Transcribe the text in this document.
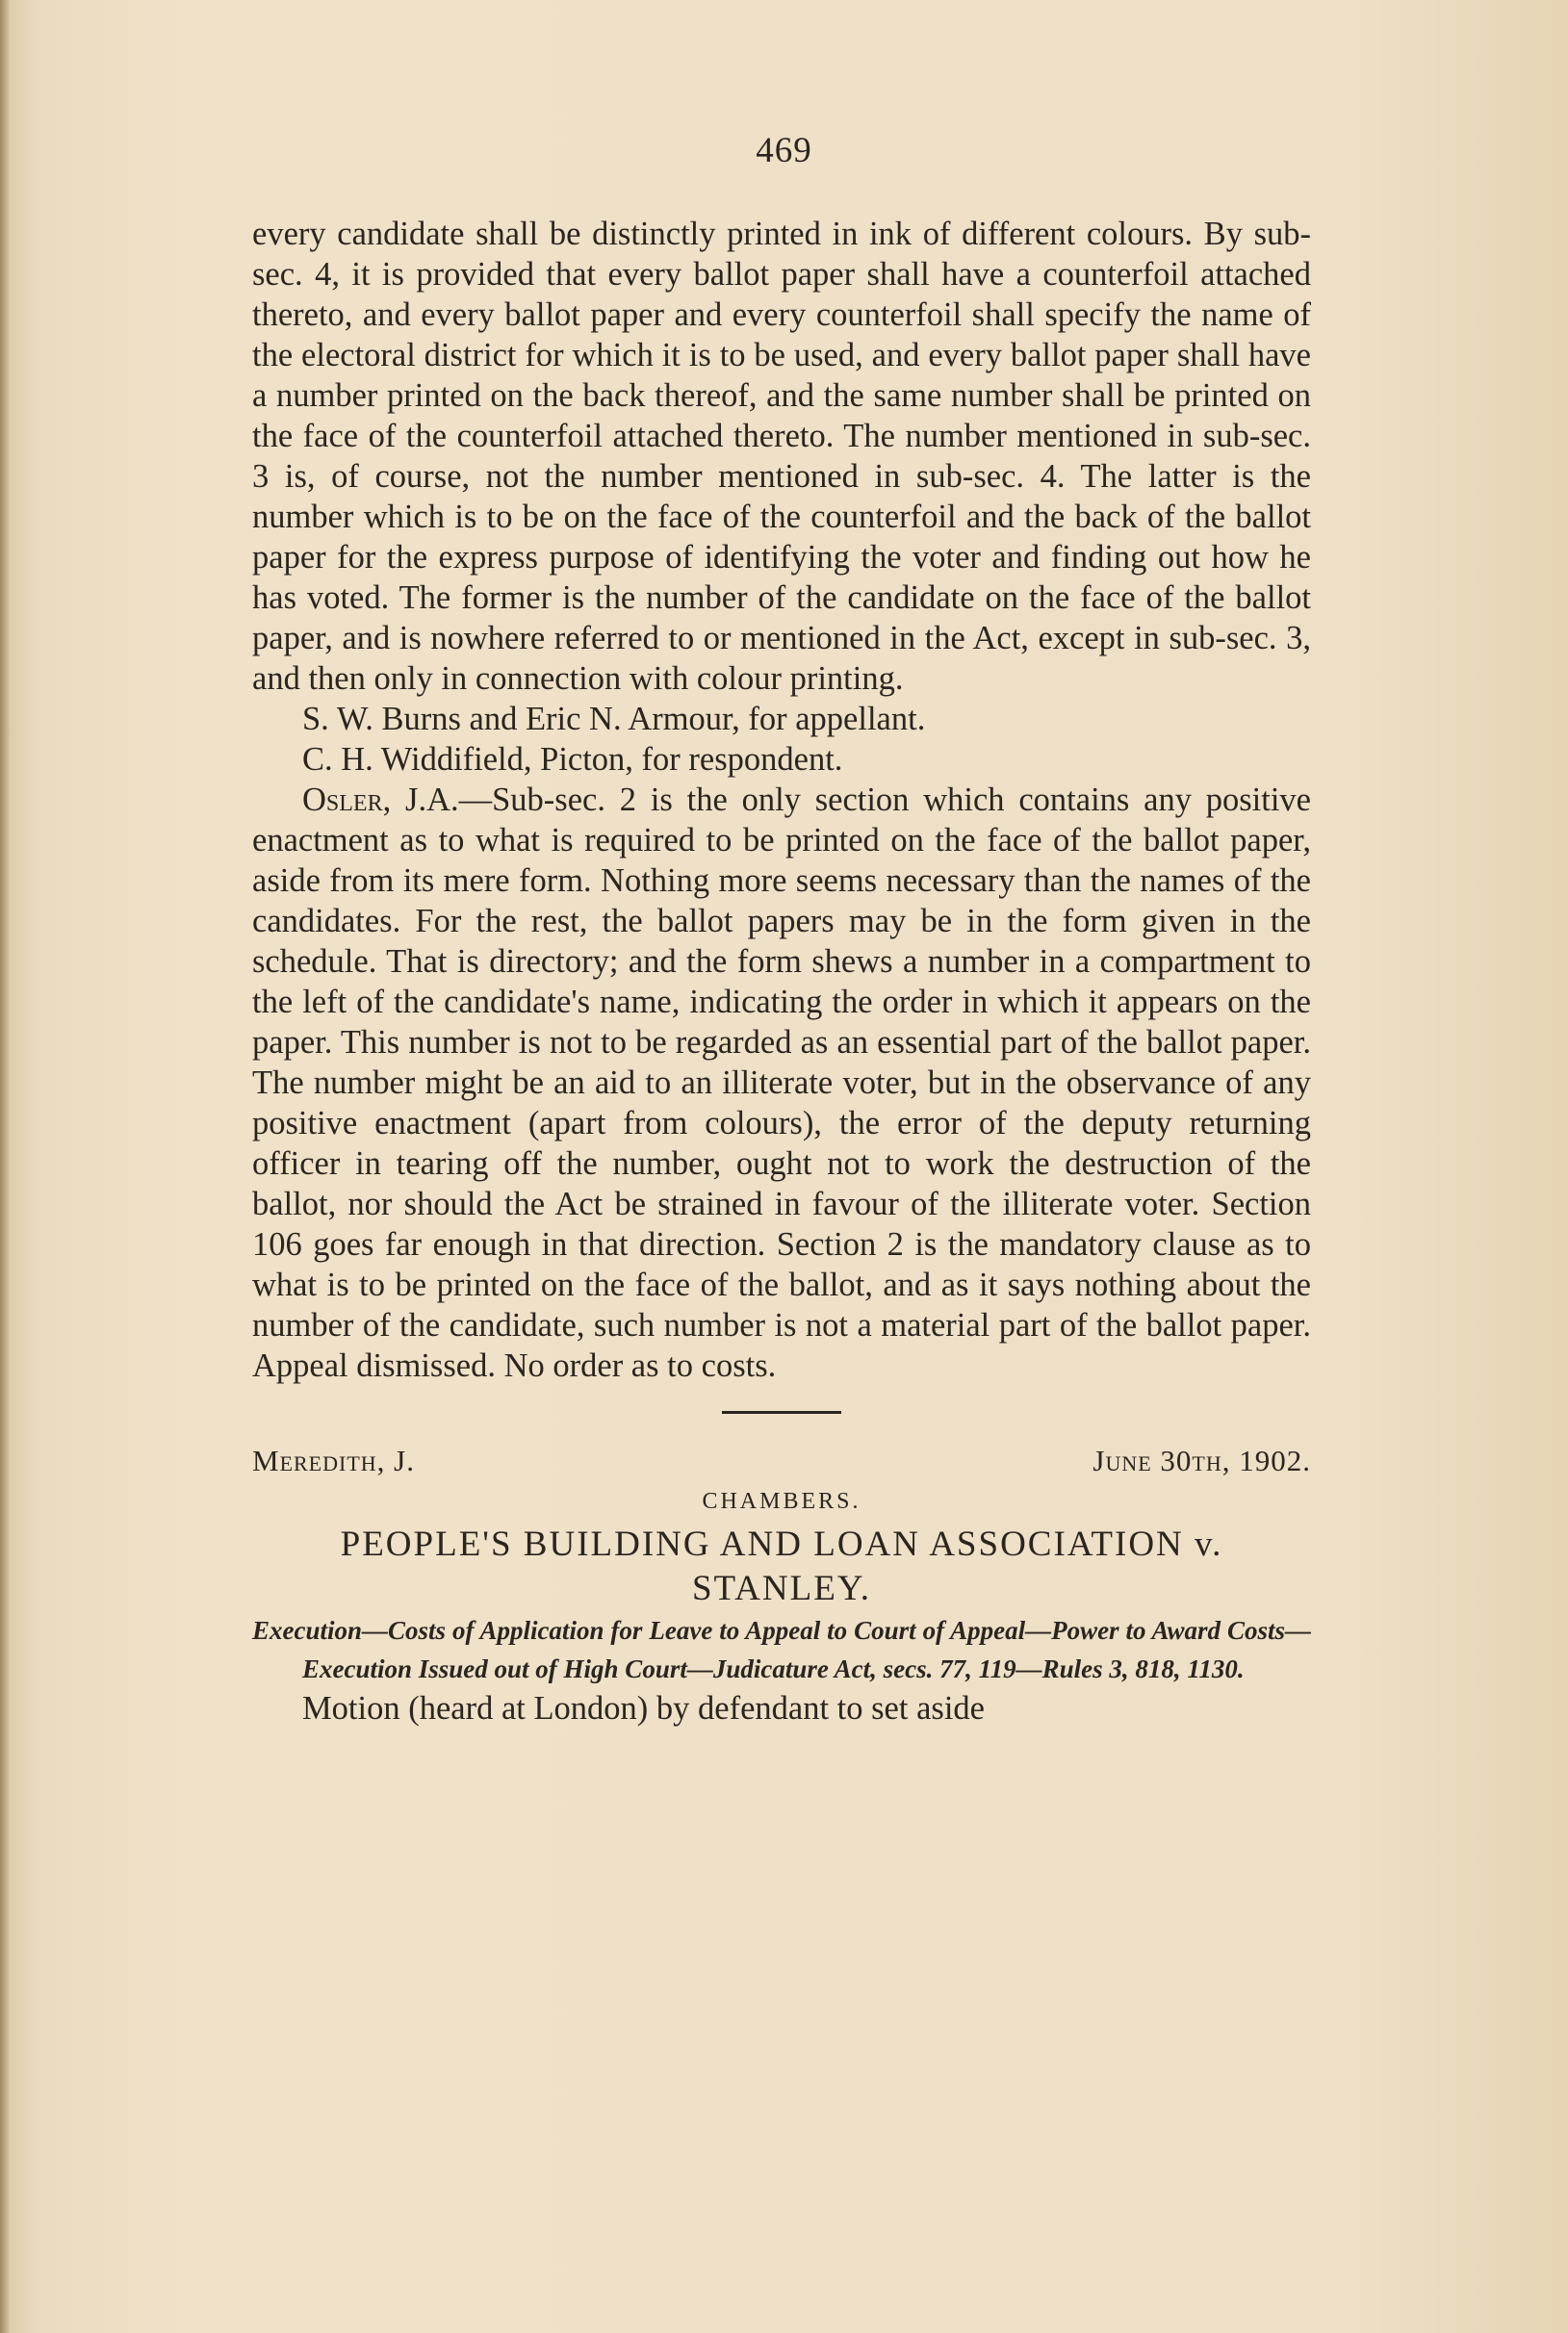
469

every candidate shall be distinctly printed in ink of different colours. By sub-sec. 4, it is provided that every ballot paper shall have a counterfoil attached thereto, and every ballot paper and every counterfoil shall specify the name of the electoral district for which it is to be used, and every ballot paper shall have a number printed on the back thereof, and the same number shall be printed on the face of the counterfoil attached thereto. The number mentioned in sub-sec. 3 is, of course, not the number mentioned in sub-sec. 4. The latter is the number which is to be on the face of the counterfoil and the back of the ballot paper for the express purpose of identifying the voter and finding out how he has voted. The former is the number of the candidate on the face of the ballot paper, and is nowhere referred to or mentioned in the Act, except in sub-sec. 3, and then only in connection with colour printing.

S. W. Burns and Eric N. Armour, for appellant.

C. H. Widdifield, Picton, for respondent.

Osler, J.A.—Sub-sec. 2 is the only section which contains any positive enactment as to what is required to be printed on the face of the ballot paper, aside from its mere form. Nothing more seems necessary than the names of the candidates. For the rest, the ballot papers may be in the form given in the schedule. That is directory; and the form shews a number in a compartment to the left of the candidate's name, indicating the order in which it appears on the paper. This number is not to be regarded as an essential part of the ballot paper. The number might be an aid to an illiterate voter, but in the observance of any positive enactment (apart from colours), the error of the deputy returning officer in tearing off the number, ought not to work the destruction of the ballot, nor should the Act be strained in favour of the illiterate voter. Section 106 goes far enough in that direction. Section 2 is the mandatory clause as to what is to be printed on the face of the ballot, and as it says nothing about the number of the candidate, such number is not a material part of the ballot paper. Appeal dismissed. No order as to costs.

Meredith, J.	June 30th, 1902.
CHAMBERS.
PEOPLE'S BUILDING AND LOAN ASSOCIATION v. STANLEY.

Execution—Costs of Application for Leave to Appeal to Court of Appeal—Power to Award Costs—Execution Issued out of High Court—Judicature Act, secs. 77, 119—Rules 3, 818, 1130.

Motion (heard at London) by defendant to set aside
